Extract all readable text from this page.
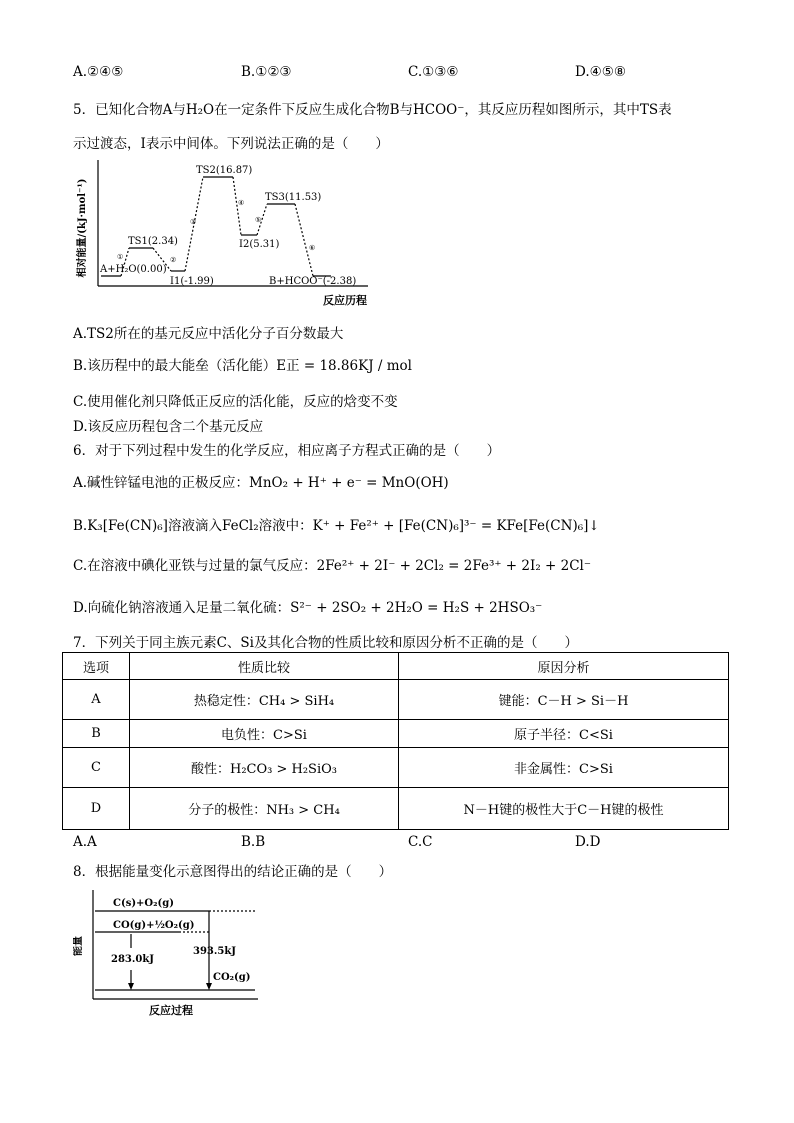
A.②④⑤	B.①②③	C.①③⑥	D.④⑤⑧
5．已知化合物A与H₂O在一定条件下反应生成化合物B与HCOO⁻，其反应历程如图所示，其中TS表
示过渡态，I表示中间体。下列说法正确的是（　　）
相对能量/(kJ·mol⁻¹)
反应历程
A+H₂O(0.00)
TS1(2.34)
I1(-1.99)
TS2(16.87)
I2(5.31)
TS3(11.53)
B+HCOO⁻(-2.38)
①	②
③
④
⑤
⑥
A.TS2所在的基元反应中活化分子百分数最大
B.该历程中的最大能垒（活化能）E正 = 18.86KJ / mol
C.使用催化剂只降低正反应的活化能，反应的焓变不变
D.该反应历程包含二个基元反应
6．对于下列过程中发生的化学反应，相应离子方程式正确的是（　　）
A.碱性锌锰电池的正极反应：MnO₂ + H⁺ + e⁻ = MnO(OH)
B.K₃[Fe(CN)₆]溶液滴入FeCl₂溶液中：K⁺ + Fe²⁺ + [Fe(CN)₆]³⁻ = KFe[Fe(CN)₆]↓
C.在溶液中碘化亚铁与过量的氯气反应：2Fe²⁺ + 2I⁻ + 2Cl₂ = 2Fe³⁺ + 2I₂ + 2Cl⁻
D.向硫化钠溶液通入足量二氧化硫：S²⁻ + 2SO₂ + 2H₂O = H₂S + 2HSO₃⁻
7．下列关于同主族元素C、Si及其化合物的性质比较和原因分析不正确的是（　　）
选项	性质比较	原因分析
A	热稳定性：CH₄ > SiH₄	键能：C－H > Si－H
B	电负性：C>Si	原子半径：C<Si
C	酸性：H₂CO₃ > H₂SiO₃	非金属性：C>Si
D	分子的极性：NH₃ > CH₄	N－H键的极性大于C－H键的极性
A.A	B.B	C.C	D.D
8．根据能量变化示意图得出的结论正确的是（　　）
能量
反应过程
C(s)+O₂(g)
CO(g)+½O₂(g)
CO₂(g)
283.0kJ
393.5kJ
